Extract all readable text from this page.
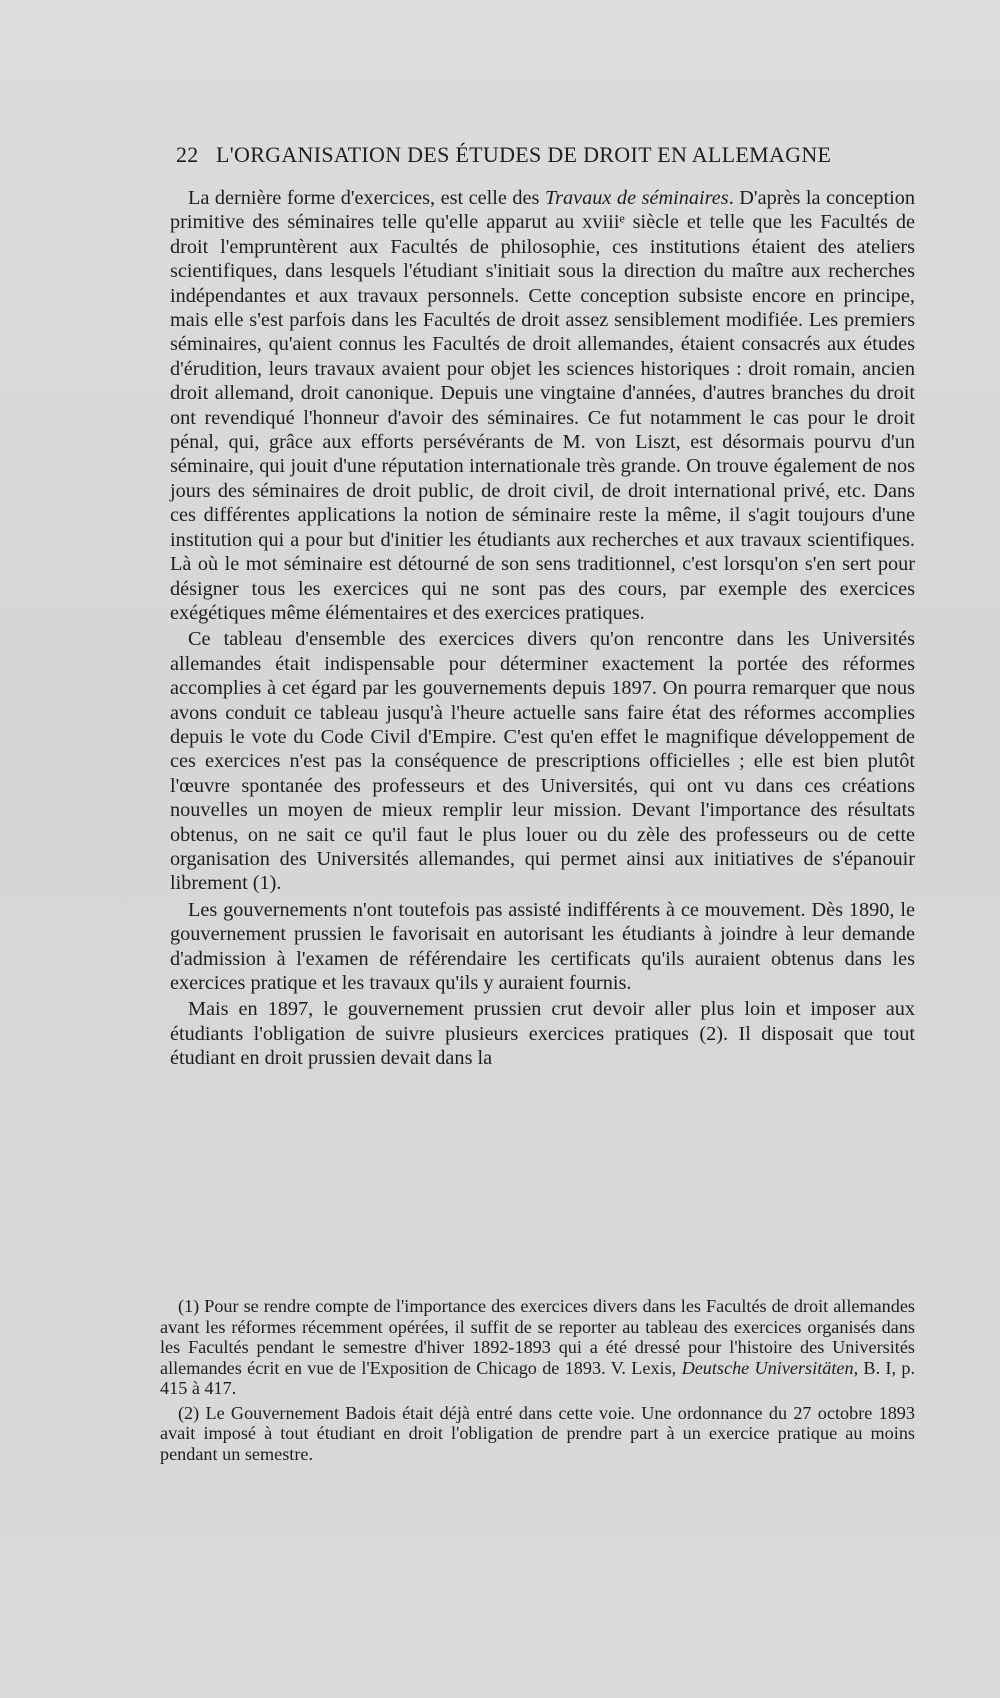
22 L'ORGANISATION DES ÉTUDES DE DROIT EN ALLEMAGNE

La dernière forme d'exercices, est celle des Travaux de séminaires. D'après la conception primitive des séminaires telle qu'elle apparut au xviiiᵉ siècle et telle que les Facultés de droit l'empruntèrent aux Facultés de philosophie, ces institutions étaient des ateliers scientifiques, dans lesquels l'étudiant s'initiait sous la direction du maître aux recherches indépendantes et aux travaux personnels. Cette conception subsiste encore en principe, mais elle s'est parfois dans les Facultés de droit assez sensiblement modifiée. Les premiers séminaires, qu'aient connus les Facultés de droit allemandes, étaient consacrés aux études d'érudition, leurs travaux avaient pour objet les sciences historiques : droit romain, ancien droit allemand, droit canonique. Depuis une vingtaine d'années, d'autres branches du droit ont revendiqué l'honneur d'avoir des séminaires. Ce fut notamment le cas pour le droit pénal, qui, grâce aux efforts persévérants de M. von Liszt, est désormais pourvu d'un séminaire, qui jouit d'une réputation internationale très grande. On trouve également de nos jours des séminaires de droit public, de droit civil, de droit international privé, etc. Dans ces différentes applications la notion de séminaire reste la même, il s'agit toujours d'une institution qui a pour but d'initier les étudiants aux recherches et aux travaux scientifiques. Là où le mot séminaire est détourné de son sens traditionnel, c'est lorsqu'on s'en sert pour désigner tous les exercices qui ne sont pas des cours, par exemple des exercices exégétiques même élémentaires et des exercices pratiques.

Ce tableau d'ensemble des exercices divers qu'on rencontre dans les Universités allemandes était indispensable pour déterminer exactement la portée des réformes accomplies à cet égard par les gouvernements depuis 1897. On pourra remarquer que nous avons conduit ce tableau jusqu'à l'heure actuelle sans faire état des réformes accomplies depuis le vote du Code Civil d'Empire. C'est qu'en effet le magnifique développement de ces exercices n'est pas la conséquence de prescriptions officielles ; elle est bien plutôt l'œuvre spontanée des professeurs et des Universités, qui ont vu dans ces créations nouvelles un moyen de mieux remplir leur mission. Devant l'importance des résultats obtenus, on ne sait ce qu'il faut le plus louer ou du zèle des professeurs ou de cette organisation des Universités allemandes, qui permet ainsi aux initiatives de s'épanouir librement (1).

Les gouvernements n'ont toutefois pas assisté indifférents à ce mouvement. Dès 1890, le gouvernement prussien le favorisait en autorisant les étudiants à joindre à leur demande d'admission à l'examen de référendaire les certificats qu'ils auraient obtenus dans les exercices pratique et les travaux qu'ils y auraient fournis.

Mais en 1897, le gouvernement prussien crut devoir aller plus loin et imposer aux étudiants l'obligation de suivre plusieurs exercices pratiques (2). Il disposait que tout étudiant en droit prussien devait dans la

(1) Pour se rendre compte de l'importance des exercices divers dans les Facultés de droit allemandes avant les réformes récemment opérées, il suffit de se reporter au tableau des exercices organisés dans les Facultés pendant le semestre d'hiver 1892-1893 qui a été dressé pour l'histoire des Universités allemandes écrit en vue de l'Exposition de Chicago de 1893. V. Lexis, Deutsche Universitäten, B. I, p. 415 à 417.

(2) Le Gouvernement Badois était déjà entré dans cette voie. Une ordonnance du 27 octobre 1893 avait imposé à tout étudiant en droit l'obligation de prendre part à un exercice pratique au moins pendant un semestre.
